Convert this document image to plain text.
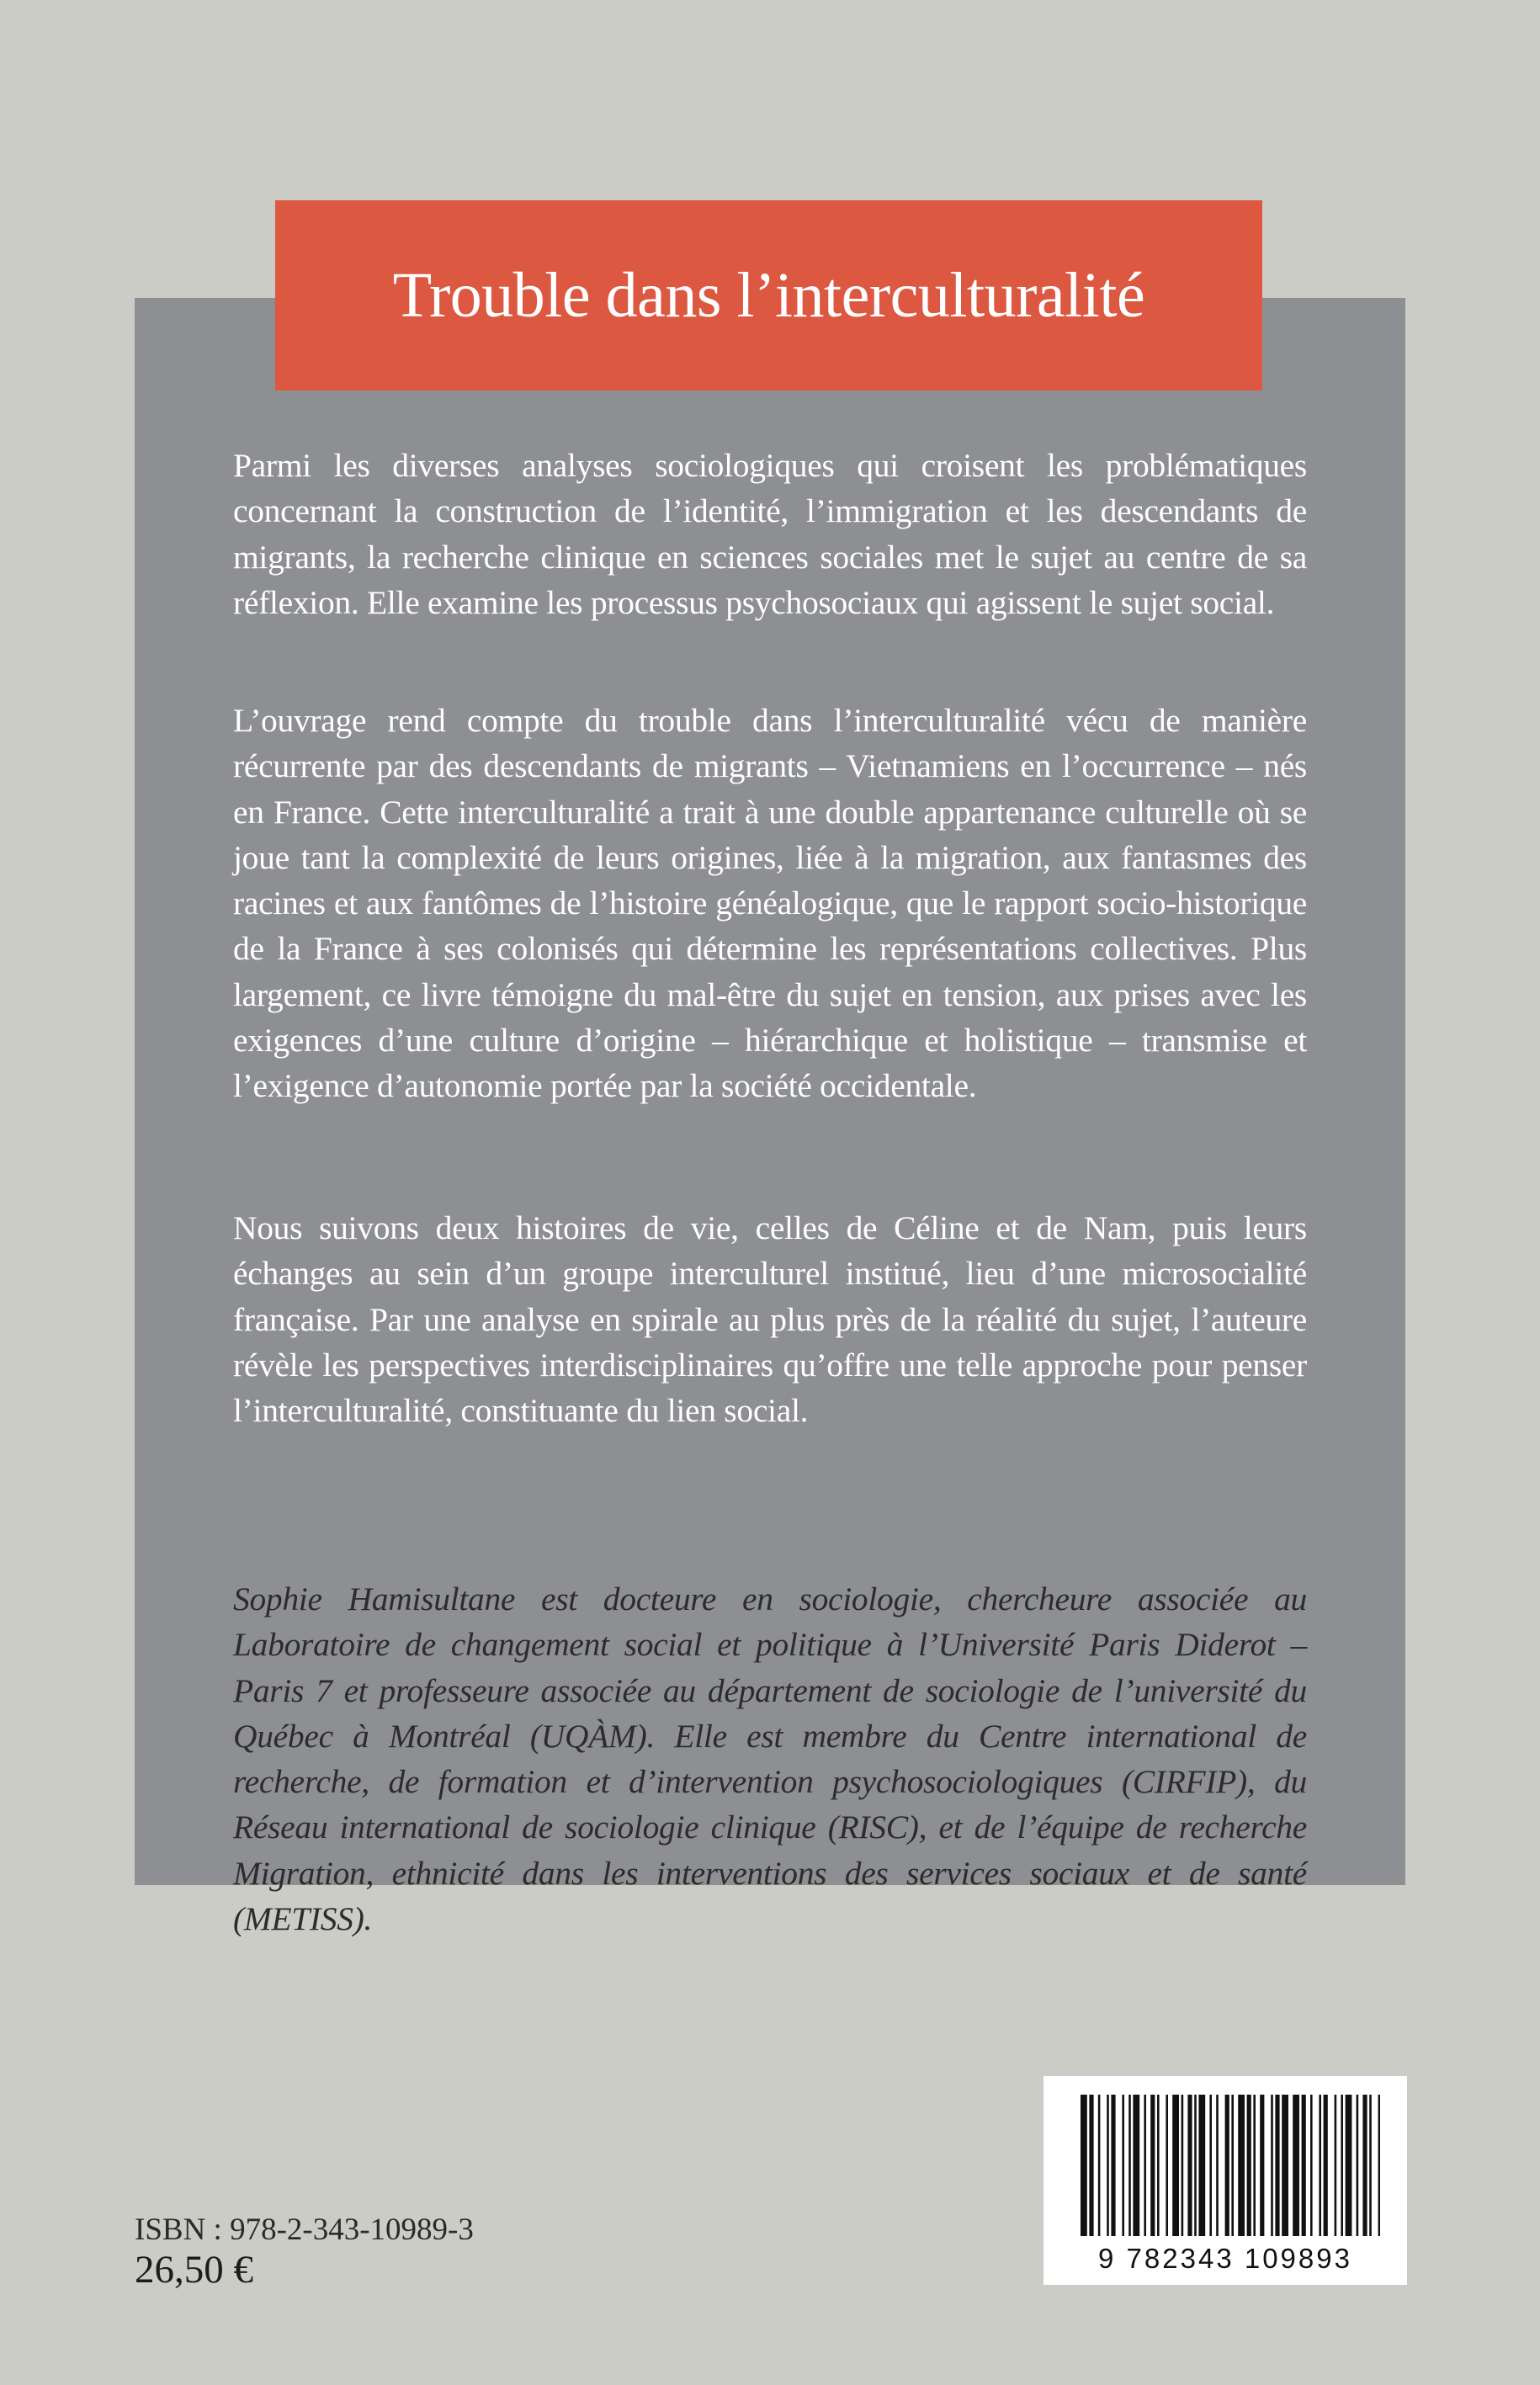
Trouble dans l’interculturalité

Parmi les diverses analyses sociologiques qui croisent les problématiques concernant la construction de l’identité, l’immigration et les descendants de migrants, la recherche clinique en sciences sociales met le sujet au centre de sa réflexion. Elle examine les processus psychosociaux qui agissent le sujet social.

L’ouvrage rend compte du trouble dans l’interculturalité vécu de manière récurrente par des descendants de migrants – Vietnamiens en l’occurrence – nés en France. Cette interculturalité a trait à une double appartenance culturelle où se joue tant la complexité de leurs origines, liée à la migration, aux fantasmes des racines et aux fantômes de l’histoire généalogique, que le rapport socio-historique de la France à ses colonisés qui détermine les représentations collectives. Plus largement, ce livre témoigne du mal-être du sujet en tension, aux prises avec les exigences d’une culture d’origine – hiérarchique et holistique – transmise et l’exigence d’autonomie portée par la société occidentale.

Nous suivons deux histoires de vie, celles de Céline et de Nam, puis leurs échanges au sein d’un groupe interculturel institué, lieu d’une microsocialité française. Par une analyse en spirale au plus près de la réalité du sujet, l’auteure révèle les perspectives interdisciplinaires qu’offre une telle approche pour penser l’interculturalité, constituante du lien social.

Sophie Hamisultane est docteure en sociologie, chercheure associée au Laboratoire de changement social et politique à l’Université Paris Diderot – Paris 7 et professeure associée au département de sociologie de l’université du Québec à Montréal (UQÀM). Elle est membre du Centre international de recherche, de formation et d’intervention psychosociologiques (CIRFIP), du Réseau international de sociologie clinique (RISC), et de l’équipe de recherche Migration, ethnicité dans les interventions des services sociaux et de santé (METISS).

ISBN : 978-2-343-10989-3

26,50 €	9 782343 109893
